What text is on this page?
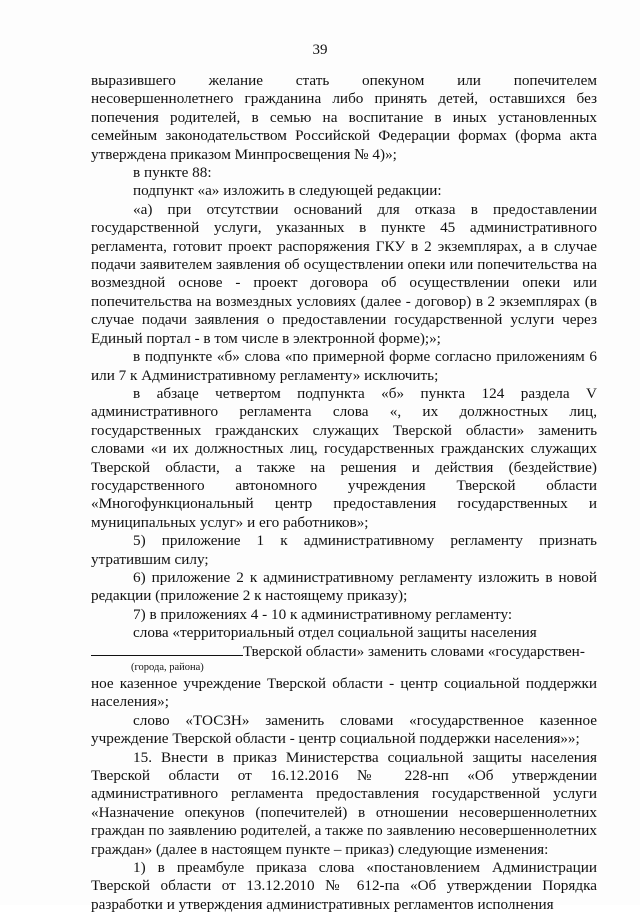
39

выразившего желание стать опекуном или попечителем несовершеннолетнего гражданина либо принять детей, оставшихся без попечения родителей, в семью на воспитание в иных установленных семейным законодательством Российской Федерации формах (форма акта утверждена приказом Минпросвещения № 4)»;

в пункте 88:

подпункт «а» изложить в следующей редакции:

«а) при отсутствии оснований для отказа в предоставлении государственной услуги, указанных в пункте 45 административного регламента, готовит проект распоряжения ГКУ в 2 экземплярах, а в случае подачи заявителем заявления об осуществлении опеки или попечительства на возмездной основе - проект договора об осуществлении опеки или попечительства на возмездных условиях (далее - договор) в 2 экземплярах (в случае подачи заявления о предоставлении государственной услуги через Единый портал - в том числе в электронной форме);»;

в подпункте «б» слова «по примерной форме согласно приложениям 6 или 7 к Административному регламенту» исключить;

в абзаце четвертом подпункта «б» пункта 124 раздела V административного регламента слова «, их должностных лиц, государственных гражданских служащих Тверской области» заменить словами «и их должностных лиц, государственных гражданских служащих Тверской области, а также на решения и действия (бездействие) государственного автономного учреждения Тверской области «Многофункциональный центр предоставления государственных и муниципальных услуг» и его работников»;

5) приложение 1 к административному регламенту признать утратившим силу;

6) приложение 2 к административному регламенту изложить в новой редакции (приложение 2 к настоящему приказу);

7) в приложениях 4 - 10 к административному регламенту:

слова «территориальный отдел социальной защиты населения

Тверской области» заменить словами «государствен-

(города, района)

ное казенное учреждение Тверской области - центр социальной поддержки населения»;

слово «ТОСЗН» заменить словами «государственное казенное учреждение Тверской области - центр социальной поддержки населения»»;

15. Внести в приказ Министерства социальной защиты населения Тверской области от 16.12.2016 № 228-нп «Об утверждении административного регламента предоставления государственной услуги «Назначение опекунов (попечителей) в отношении несовершеннолетних граждан по заявлению родителей, а также по заявлению несовершеннолетних граждан» (далее в настоящем пункте – приказ) следующие изменения:

1) в преамбуле приказа слова «постановлением Администрации Тверской области от 13.12.2010 № 612-па «Об утверждении Порядка разработки и утверждения административных регламентов исполнения
